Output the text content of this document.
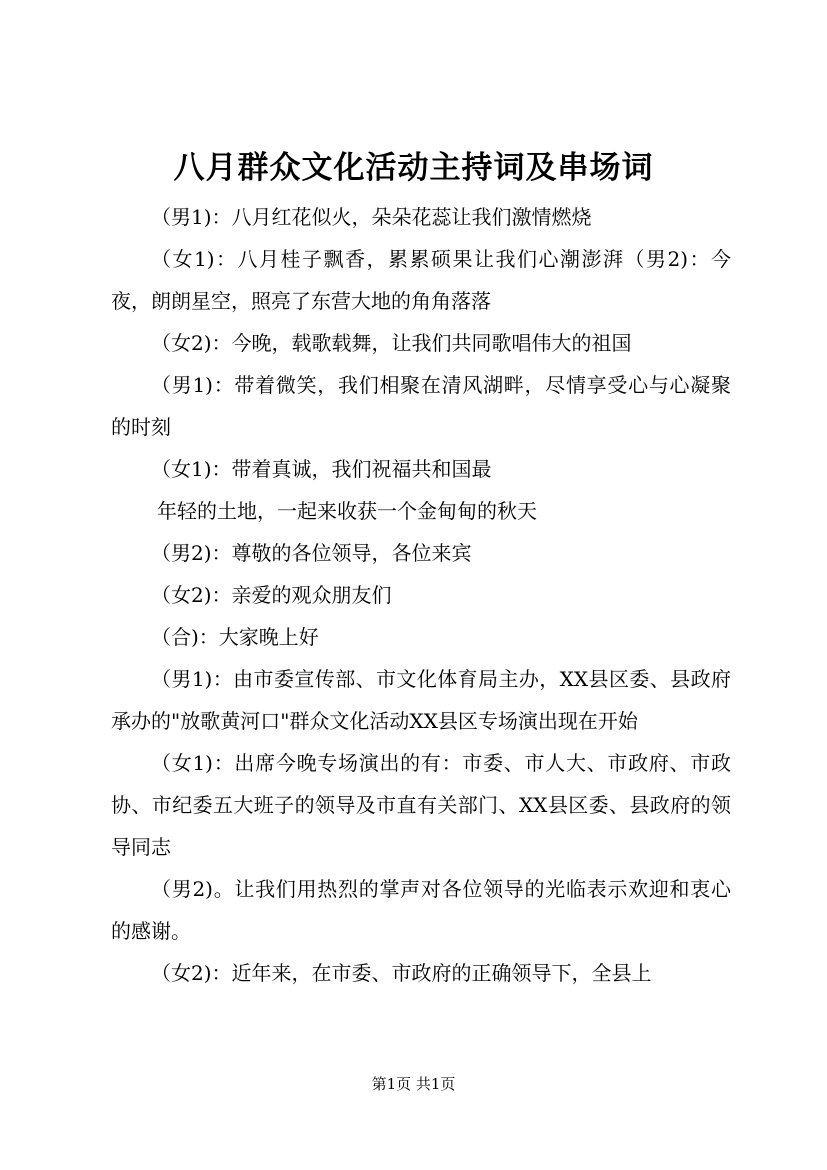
八月群众文化活动主持词及串场词

（男1)：八月红花似火，朵朵花蕊让我们激情燃烧

（女1)：八月桂子飘香，累累硕果让我们心潮澎湃（男2)：今夜，朗朗星空，照亮了东营大地的角角落落

（女2)：今晚，载歌载舞，让我们共同歌唱伟大的祖国

（男1)：带着微笑，我们相聚在清风湖畔，尽情享受心与心凝聚的时刻

（女1)：带着真诚，我们祝福共和国最

年轻的土地，一起来收获一个金甸甸的秋天

（男2)：尊敬的各位领导，各位来宾

（女2)：亲爱的观众朋友们

（合)：大家晚上好

（男1)：由市委宣传部、市文化体育局主办，XX县区委、县政府承办的"放歌黄河口"群众文化活动XX县区专场演出现在开始

（女1)：出席今晚专场演出的有：市委、市人大、市政府、市政协、市纪委五大班子的领导及市直有关部门、XX县区委、县政府的领导同志

（男2)。让我们用热烈的掌声对各位领导的光临表示欢迎和衷心的感谢。

（女2)：近年来，在市委、市政府的正确领导下，全县上

第1页 共1页
